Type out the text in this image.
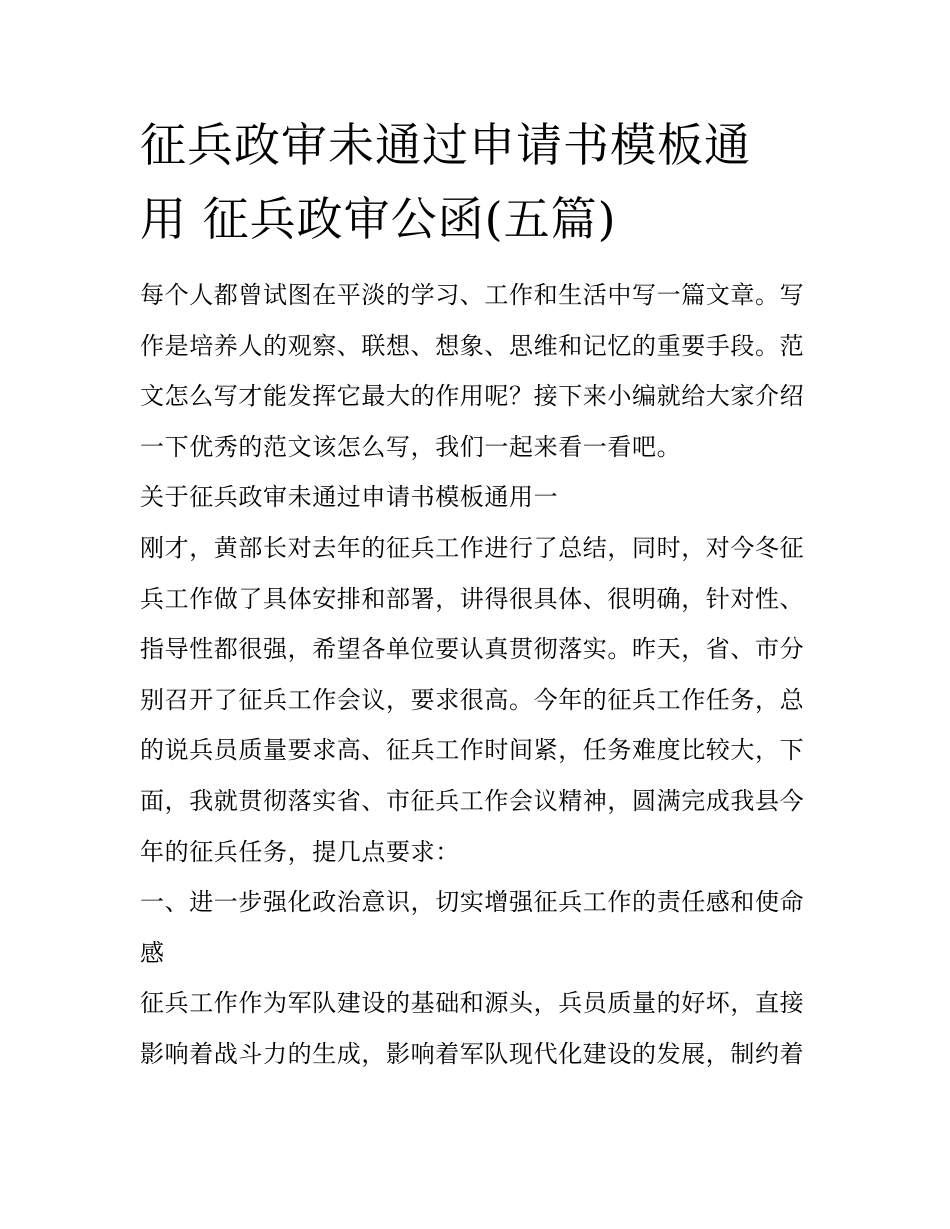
征兵政审未通过申请书模板通
用 征兵政审公函(五篇)

每个人都曾试图在平淡的学习、工作和生活中写一篇文章。写
作是培养人的观察、联想、想象、思维和记忆的重要手段。范
文怎么写才能发挥它最大的作用呢？接下来小编就给大家介绍
一下优秀的范文该怎么写，我们一起来看一看吧。

关于征兵政审未通过申请书模板通用一

刚才，黄部长对去年的征兵工作进行了总结，同时，对今冬征
兵工作做了具体安排和部署，讲得很具体、很明确，针对性、
指导性都很强，希望各单位要认真贯彻落实。昨天，省、市分
别召开了征兵工作会议，要求很高。今年的征兵工作任务，总
的说兵员质量要求高、征兵工作时间紧，任务难度比较大，下
面，我就贯彻落实省、市征兵工作会议精神，圆满完成我县今
年的征兵任务，提几点要求：

一、进一步强化政治意识，切实增强征兵工作的责任感和使命
感

征兵工作作为军队建设的基础和源头，兵员质量的好坏，直接
影响着战斗力的生成，影响着军队现代化建设的发展，制约着
